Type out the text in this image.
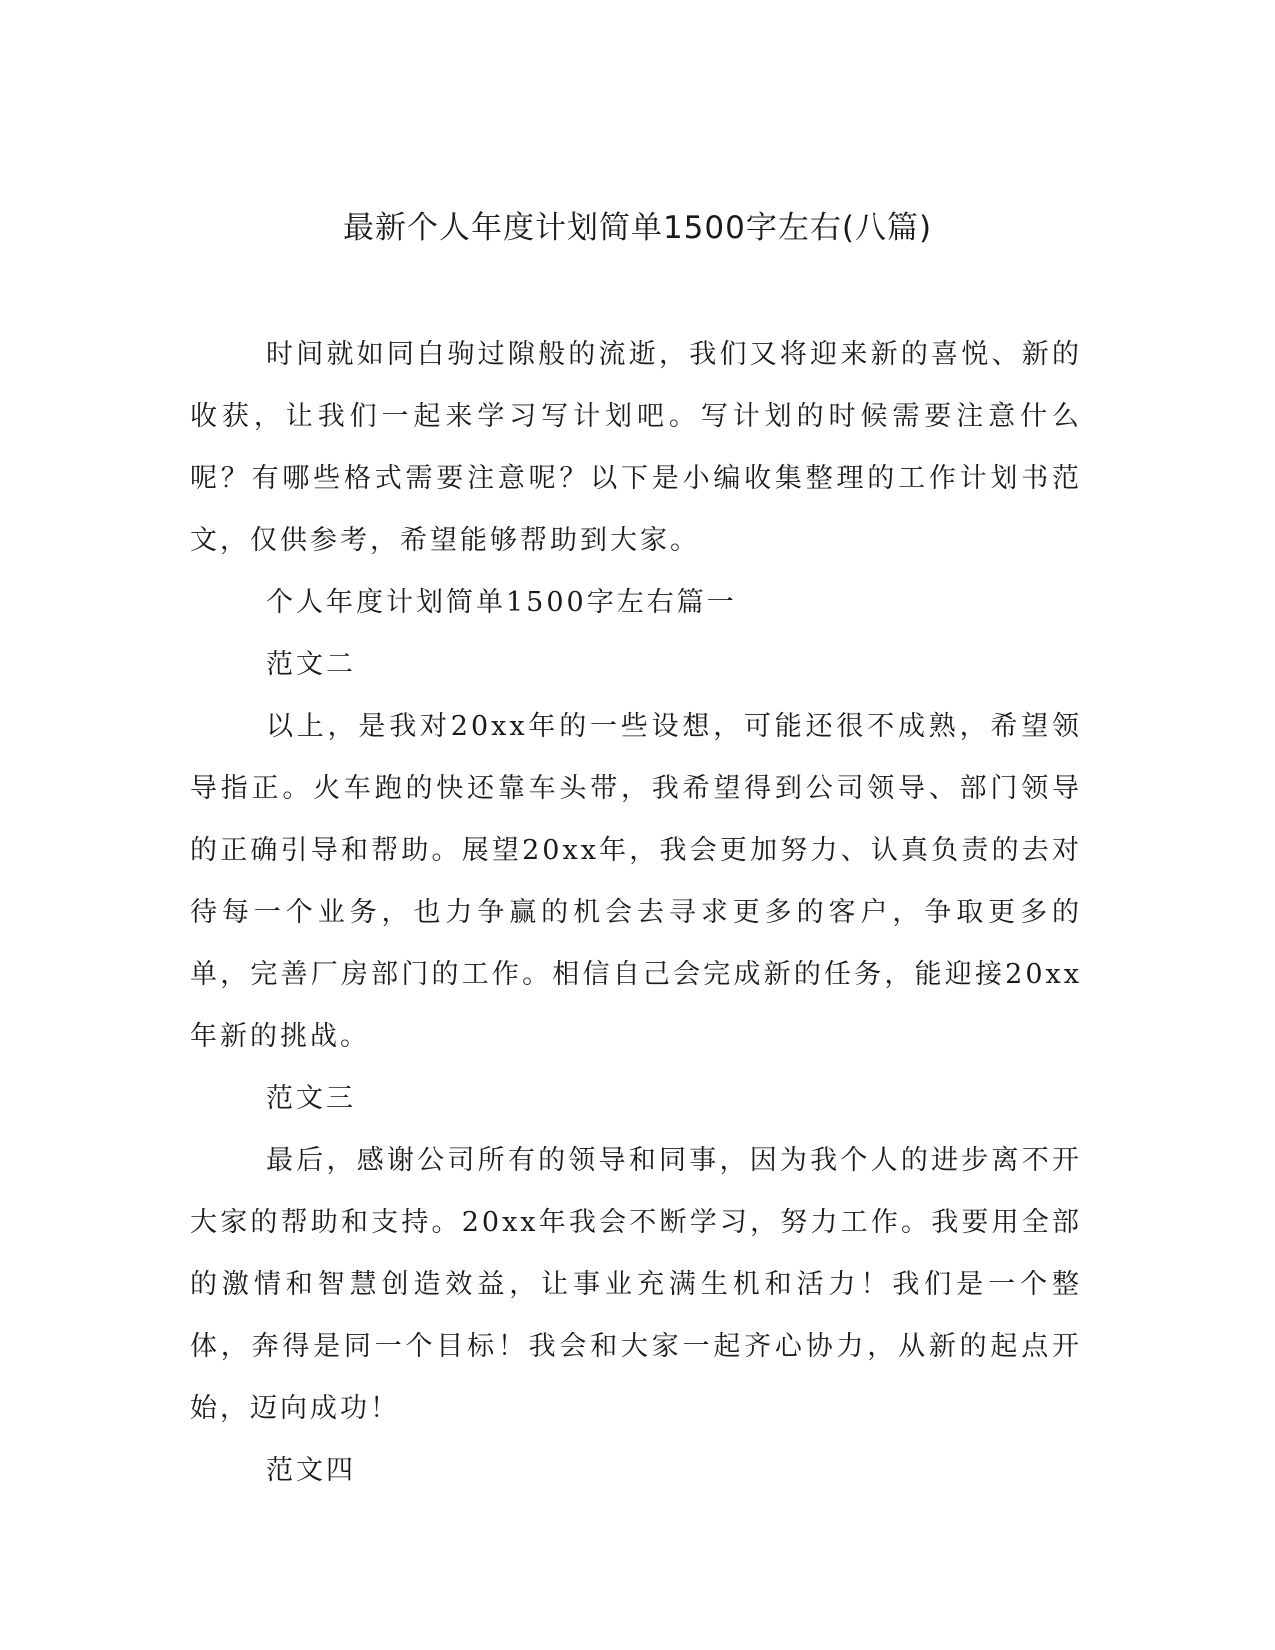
最新个人年度计划简单1500字左右(八篇)

时间就如同白驹过隙般的流逝，我们又将迎来新的喜悦、新的收获，让我们一起来学习写计划吧。写计划的时候需要注意什么呢？有哪些格式需要注意呢？以下是小编收集整理的工作计划书范文，仅供参考，希望能够帮助到大家。

个人年度计划简单1500字左右篇一

范文二

以上，是我对20xx年的一些设想，可能还很不成熟，希望领导指正。火车跑的快还靠车头带，我希望得到公司领导、部门领导的正确引导和帮助。展望20xx年，我会更加努力、认真负责的去对待每一个业务，也力争赢的机会去寻求更多的客户，争取更多的单，完善厂房部门的工作。相信自己会完成新的任务，能迎接20xx年新的挑战。

范文三

最后，感谢公司所有的领导和同事，因为我个人的进步离不开大家的帮助和支持。20xx年我会不断学习，努力工作。我要用全部的激情和智慧创造效益，让事业充满生机和活力！我们是一个整体，奔得是同一个目标！我会和大家一起齐心协力，从新的起点开始，迈向成功！

范文四
